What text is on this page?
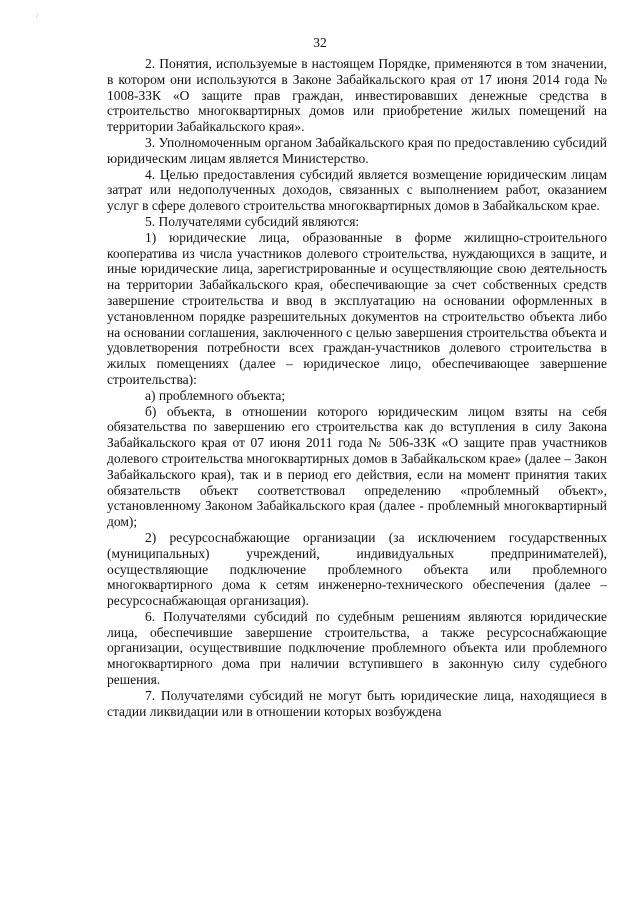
/
32

2. Понятия, используемые в настоящем Порядке, применяются в том значении, в котором они используются в Законе Забайкальского края от 17 июня 2014 года № 1008-ЗЗК «О защите прав граждан, инвестировавших денежные средства в строительство многоквартирных домов или приобретение жилых помещений на территории Забайкальского края».

3. Уполномоченным органом Забайкальского края по предоставлению субсидий юридическим лицам является Министерство.

4. Целью предоставления субсидий является возмещение юридическим лицам затрат или недополученных доходов, связанных с выполнением работ, оказанием услуг в сфере долевого строительства многоквартирных домов в Забайкальском крае.

5. Получателями субсидий являются:

1) юридические лица, образованные в форме жилищно-строительного кооператива из числа участников долевого строительства, нуждающихся в защите, и иные юридические лица, зарегистрированные и осуществляющие свою деятельность на территории Забайкальского края, обеспечивающие за счет собственных средств завершение строительства и ввод в эксплуатацию на основании оформленных в установленном порядке разрешительных документов на строительство объекта либо на основании соглашения, заключенного с целью завершения строительства объекта и удовлетворения потребности всех граждан-участников долевого строительства в жилых помещениях (далее – юридическое лицо, обеспечивающее завершение строительства):

а) проблемного объекта;

б) объекта, в отношении которого юридическим лицом взяты на себя обязательства по завершению его строительства как до вступления в силу Закона Забайкальского края от 07 июня 2011 года № 506-ЗЗК «О защите прав участников долевого строительства многоквартирных домов в Забайкальском крае» (далее – Закон Забайкальского края), так и в период его действия, если на момент принятия таких обязательств объект соответствовал определению «проблемный объект», установленному Законом Забайкальского края (далее - проблемный многоквартирный дом);

2) ресурсоснабжающие организации (за исключением государственных (муниципальных) учреждений, индивидуальных предпринимателей), осуществляющие подключение проблемного объекта или проблемного многоквартирного дома к сетям инженерно-технического обеспечения (далее – ресурсоснабжающая организация).

6. Получателями субсидий по судебным решениям являются юридические лица, обеспечившие завершение строительства, а также ресурсоснабжающие организации, осуществившие подключение проблемного объекта или проблемного многоквартирного дома при наличии вступившего в законную силу судебного решения.

7. Получателями субсидий не могут быть юридические лица, находящиеся в стадии ликвидации или в отношении которых возбуждена
